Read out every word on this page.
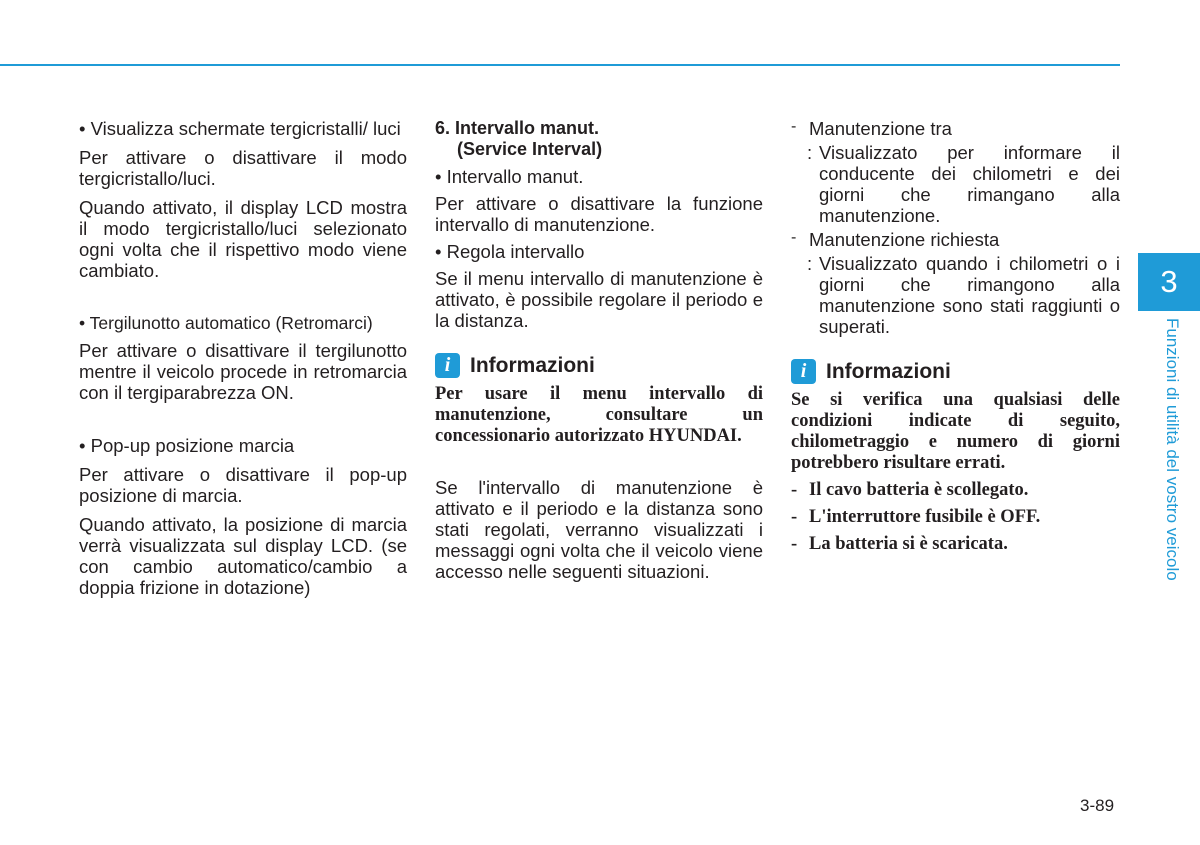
• Visualizza schermate tergicristalli/ luci

Per attivare o disattivare il modo tergicristallo/luci.

Quando attivato, il display LCD mostra il modo tergicristallo/luci selezionato ogni volta che il rispettivo modo viene cambiato.

• Tergilunotto automatico (Retromarci)

Per attivare o disattivare il tergilunotto mentre il veicolo procede in retromarcia con il tergiparabrezza ON.

• Pop-up posizione marcia

Per attivare o disattivare il pop-up posizione di marcia.

Quando attivato, la posizione di marcia verrà visualizzata sul display LCD. (se con cambio automatico/cambio a doppia frizione in dotazione)

6. Intervallo manut.
(Service Interval)

• Intervallo manut.

Per attivare o disattivare la funzione intervallo di manutenzione.

• Regola intervallo

Se il menu intervallo di manutenzione è attivato, è possibile regolare il periodo e la distanza.

i Informazioni

Per usare il menu intervallo di manutenzione, consultare un concessionario autorizzato HYUNDAI.

Se l'intervallo di manutenzione è attivato e il periodo e la distanza sono stati regolati, verranno visualizzati i messaggi ogni volta che il veicolo viene accesso nelle seguenti situazioni.

- Manutenzione tra
: Visualizzato per informare il conducente dei chilometri e dei giorni che rimangano alla manutenzione.
- Manutenzione richiesta
: Visualizzato quando i chilometri o i giorni che rimangono alla manutenzione sono stati raggiunti o superati.
i Informazioni

Se si verifica una qualsiasi delle condizioni indicate di seguito, chilometraggio e numero di giorni potrebbero risultare errati.

- Il cavo batteria è scollegato.
- L'interruttore fusibile è OFF.
- La batteria si è scaricata.
3
Funzioni di utilità del vostro veicolo
3-89
